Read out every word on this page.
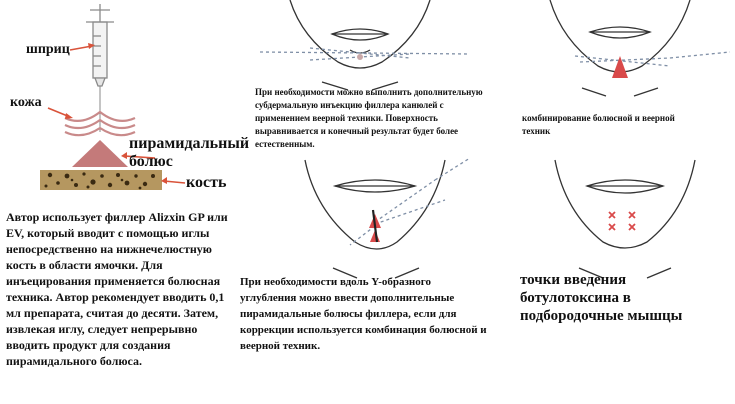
шприц
кожа
пирамидальный
болюс
кость
Автор использует филлер Alizxin GP или EV, который вводит с помощью иглы непосредственно на нижнечелюстную кость в области ямочки. Для инъецирования применяется болюсная техника. Автор рекомендует вводить 0,1 мл препарата, считая до десяти. Затем, извлекая иглу, следует непрерывно вводить продукт для создания пирамидального болюса.
При необходимости можно выполнить дополнительную субдермальную инъекцию филлера канюлей с применением веерной техники. Поверхность выравнивается и конечный результат будет более естественным.
комбинирование болюсной и веерной техник
При необходимости вдоль Y-образного углубления можно ввести дополнительные пирамидальные болюсы филлера, если для коррекции используется комбинация болюсной и веерной техник.
точки введения ботулотоксина в подбородочные мышцы
